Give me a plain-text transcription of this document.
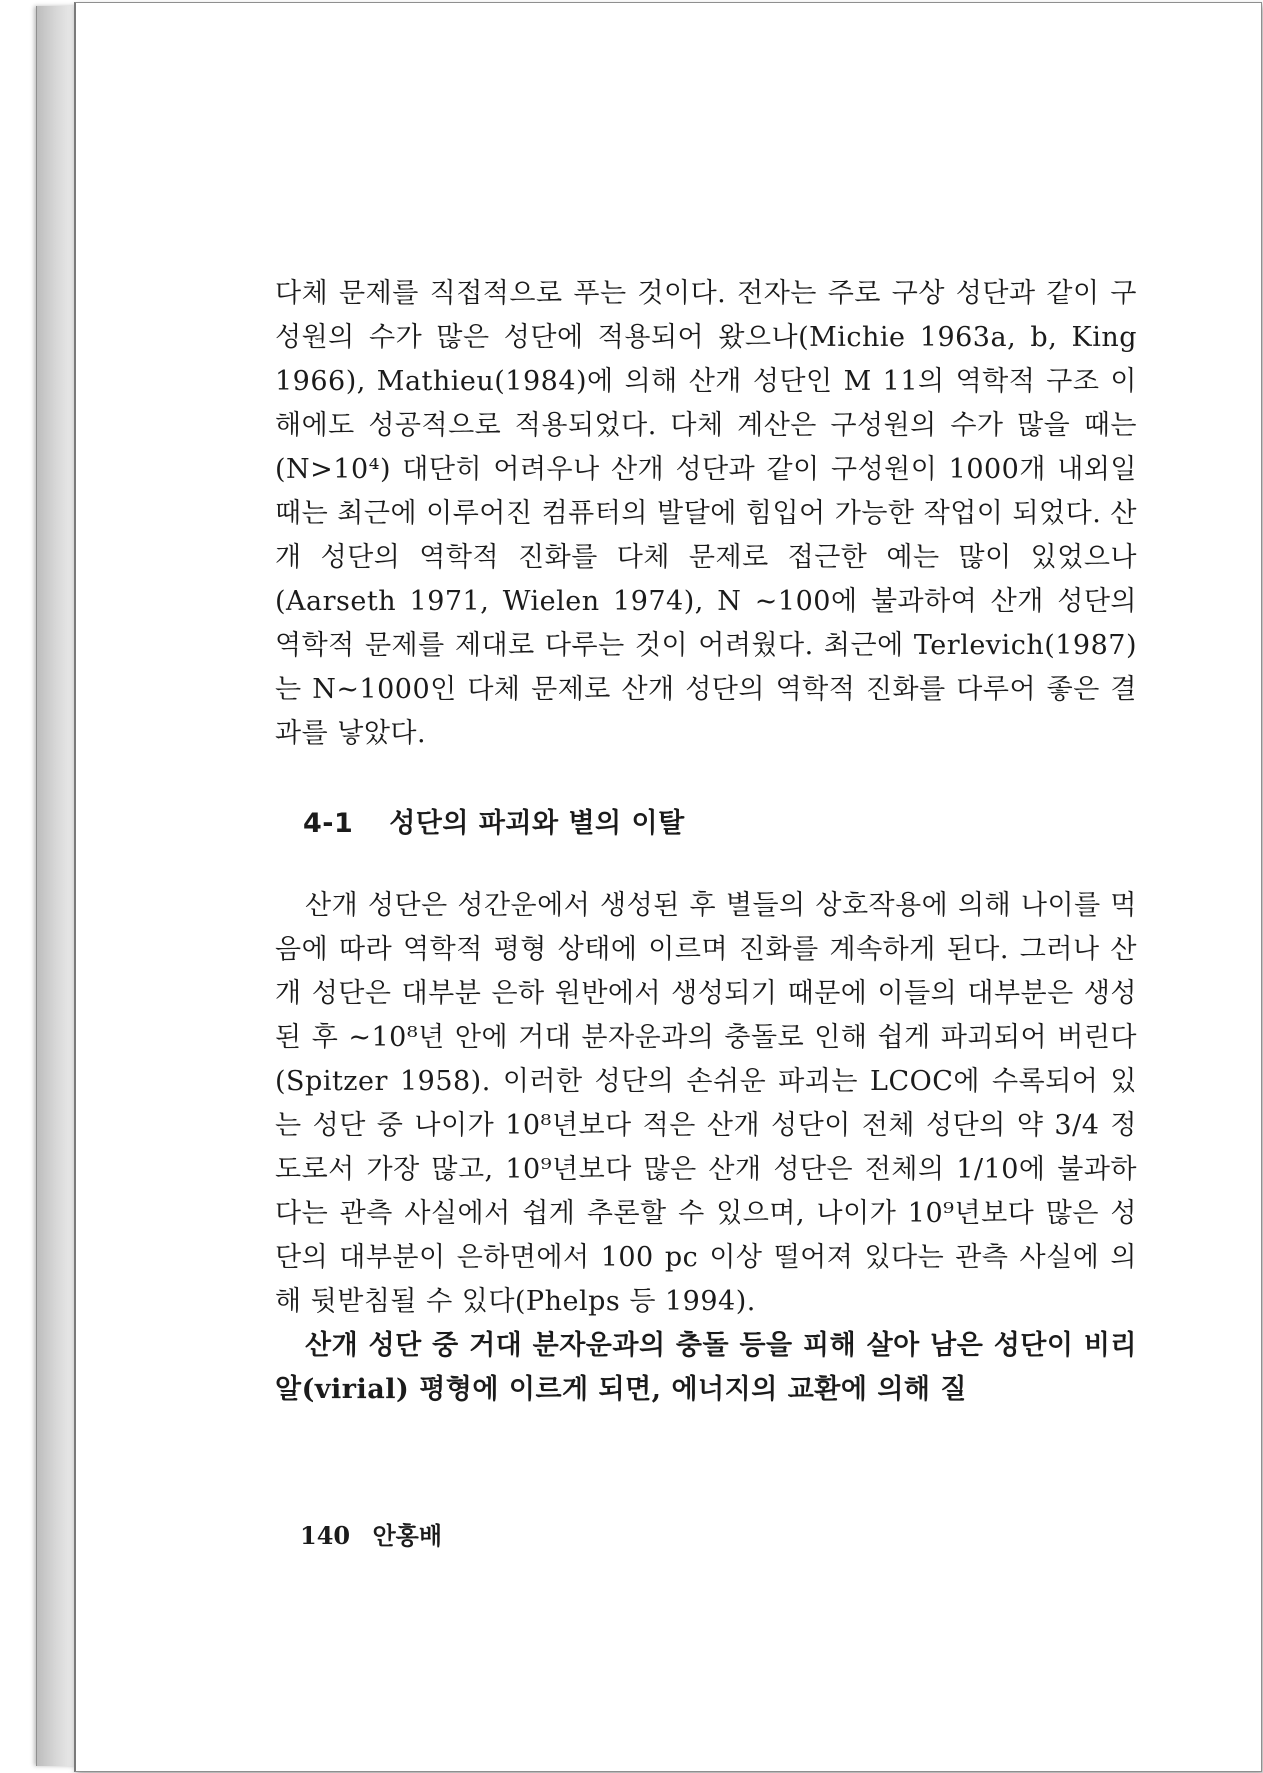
다체 문제를 직접적으로 푸는 것이다. 전자는 주로 구상 성단과 같이 구성원의 수가 많은 성단에 적용되어 왔으나(Michie 1963a, b, King 1966), Mathieu(1984)에 의해 산개 성단인 M 11의 역학적 구조 이해에도 성공적으로 적용되었다. 다체 계산은 구성원의 수가 많을 때는(N>10⁴) 대단히 어려우나 산개 성단과 같이 구성원이 1000개 내외일 때는 최근에 이루어진 컴퓨터의 발달에 힘입어 가능한 작업이 되었다. 산개 성단의 역학적 진화를 다체 문제로 접근한 예는 많이 있었으나(Aarseth 1971, Wielen 1974), N ~100에 불과하여 산개 성단의 역학적 문제를 제대로 다루는 것이 어려웠다. 최근에 Terlevich(1987)는 N~1000인 다체 문제로 산개 성단의 역학적 진화를 다루어 좋은 결과를 낳았다.

4-1 성단의 파괴와 별의 이탈

산개 성단은 성간운에서 생성된 후 별들의 상호작용에 의해 나이를 먹음에 따라 역학적 평형 상태에 이르며 진화를 계속하게 된다. 그러나 산개 성단은 대부분 은하 원반에서 생성되기 때문에 이들의 대부분은 생성된 후 ~10⁸년 안에 거대 분자운과의 충돌로 인해 쉽게 파괴되어 버린다(Spitzer 1958). 이러한 성단의 손쉬운 파괴는 LCOC에 수록되어 있는 성단 중 나이가 10⁸년보다 적은 산개 성단이 전체 성단의 약 3/4 정도로서 가장 많고, 10⁹년보다 많은 산개 성단은 전체의 1/10에 불과하다는 관측 사실에서 쉽게 추론할 수 있으며, 나이가 10⁹년보다 많은 성단의 대부분이 은하면에서 100 pc 이상 떨어져 있다는 관측 사실에 의해 뒷받침될 수 있다(Phelps 등 1994).

산개 성단 중 거대 분자운과의 충돌 등을 피해 살아 남은 성단이 비리알(virial) 평형에 이르게 되면, 에너지의 교환에 의해 질

140 안홍배
